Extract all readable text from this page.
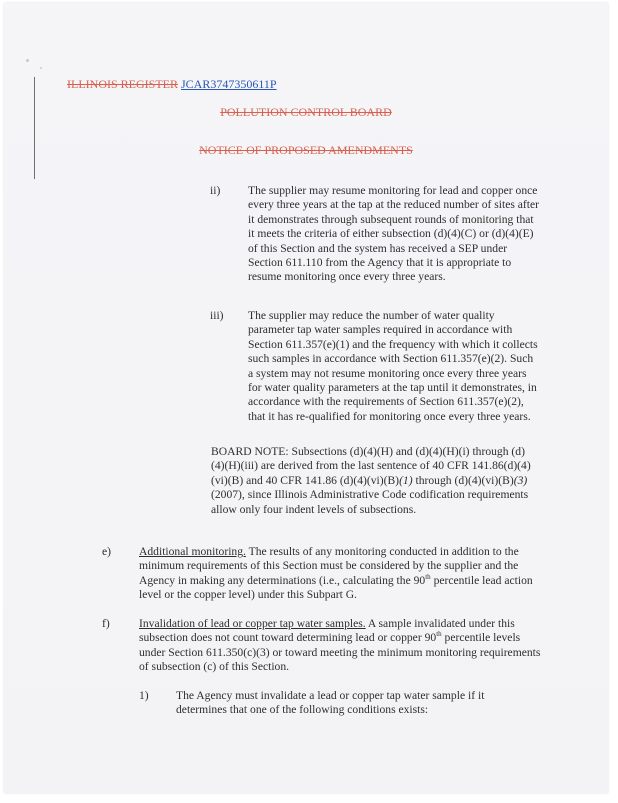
ILLINOIS REGISTER JCAR3747350611P
POLLUTION CONTROL BOARD
NOTICE OF PROPOSED AMENDMENTS
ii) The supplier may resume monitoring for lead and copper once every three years at the tap at the reduced number of sites after it demonstrates through subsequent rounds of monitoring that it meets the criteria of either subsection (d)(4)(C) or (d)(4)(E) of this Section and the system has received a SEP under Section 611.110 from the Agency that it is appropriate to resume monitoring once every three years.
iii) The supplier may reduce the number of water quality parameter tap water samples required in accordance with Section 611.357(e)(1) and the frequency with which it collects such samples in accordance with Section 611.357(e)(2). Such a system may not resume monitoring once every three years for water quality parameters at the tap until it demonstrates, in accordance with the requirements of Section 611.357(e)(2), that it has re-qualified for monitoring once every three years.
BOARD NOTE: Subsections (d)(4)(H) and (d)(4)(H)(i) through (d)(4)(H)(iii) are derived from the last sentence of 40 CFR 141.86(d)(4)(vi)(B) and 40 CFR 141.86 (d)(4)(vi)(B)(1) through (d)(4)(vi)(B)(3) (2007), since Illinois Administrative Code codification requirements allow only four indent levels of subsections.
e) Additional monitoring. The results of any monitoring conducted in addition to the minimum requirements of this Section must be considered by the supplier and the Agency in making any determinations (i.e., calculating the 90th percentile lead action level or the copper level) under this Subpart G.
f)	Invalidation of lead or copper tap water samples. A sample invalidated under this subsection does not count toward determining lead or copper 90th percentile levels under Section 611.350(c)(3) or toward meeting the minimum monitoring requirements of subsection (c) of this Section.
1) The Agency must invalidate a lead or copper tap water sample if it determines that one of the following conditions exists:
